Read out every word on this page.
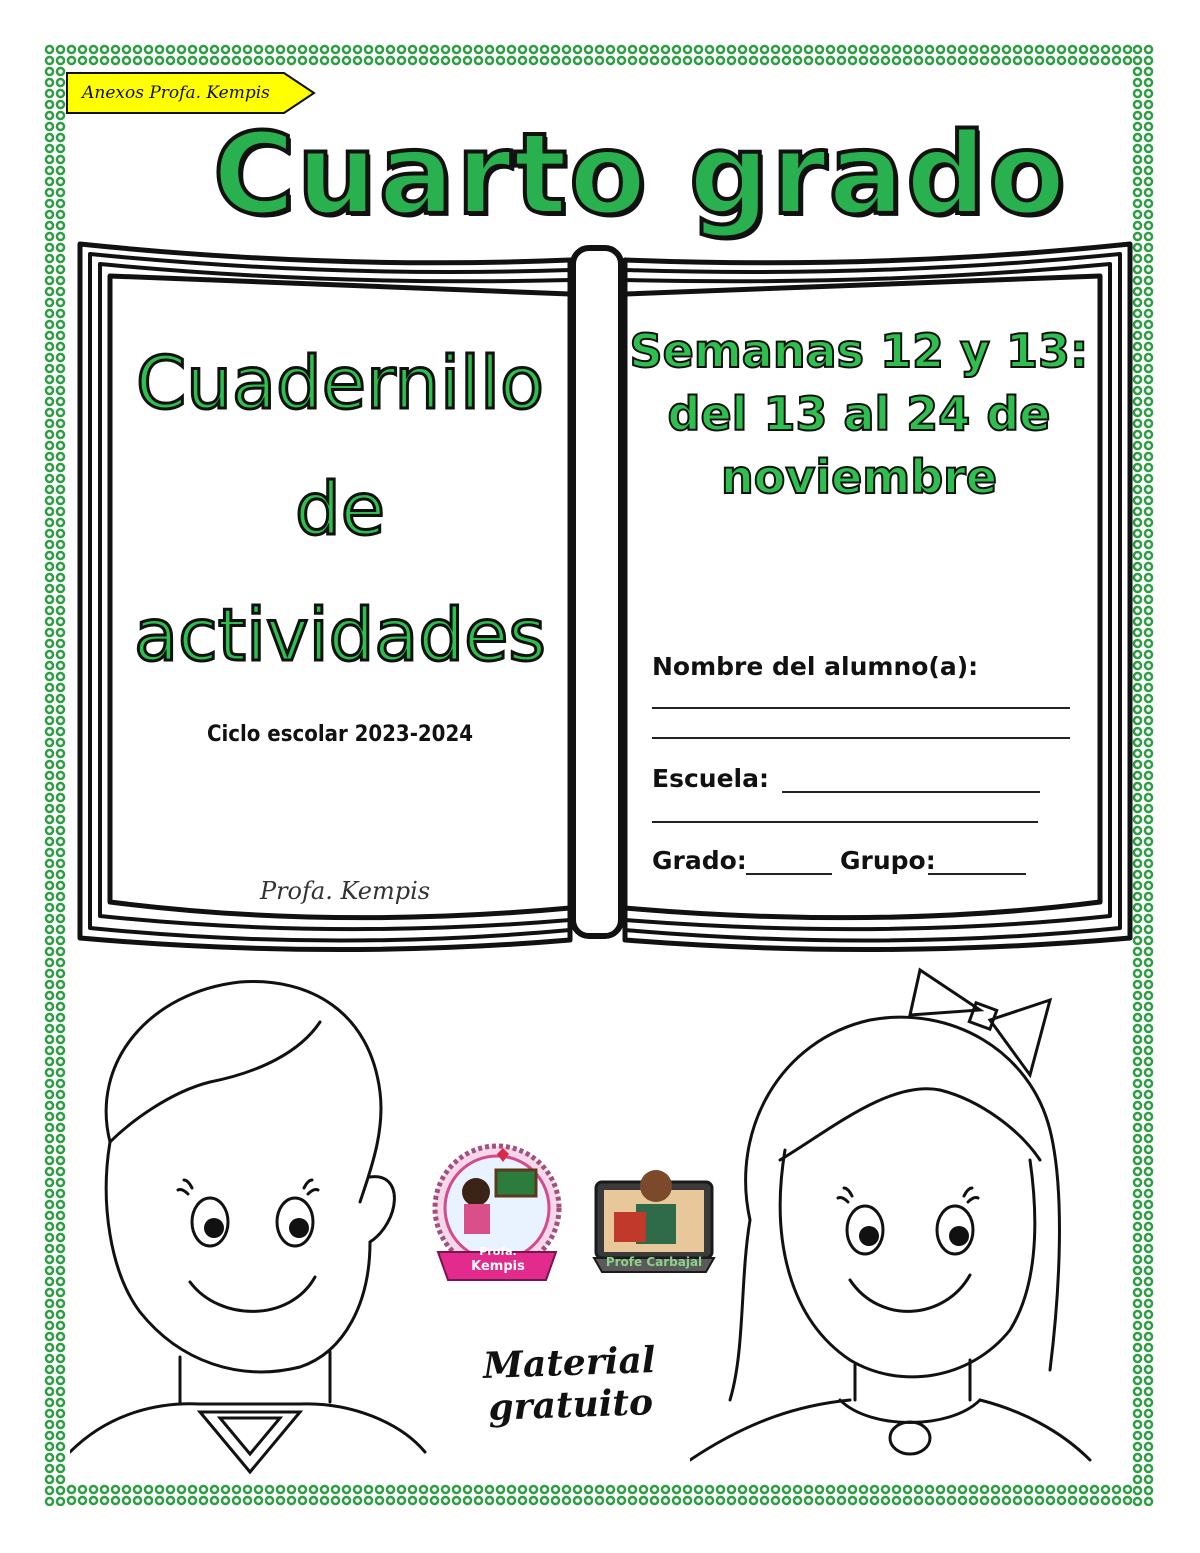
Anexos Profa. Kempis
Cuarto grado
Cuadernillo
de
actividades
Ciclo escolar 2023-2024
Profa. Kempis
Semanas 12 y 13:
del 13 al 24 de
noviembre
Nombre del alumno(a):
Escuela:
Grado:	Grupo:
Profa.
Kempis	Profe Carbajal
Material gratuito
